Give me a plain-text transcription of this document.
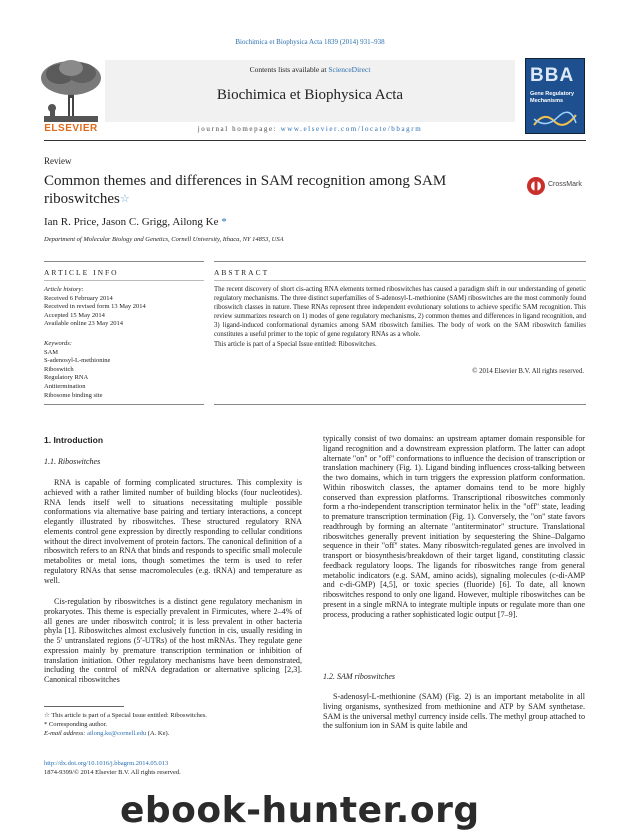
Biochimica et Biophysica Acta 1839 (2014) 931–938
ELSEVIER
Contents lists available at ScienceDirect
Biochimica et Biophysica Acta
journal homepage: www.elsevier.com/locate/bbagrm
BBA
Gene Regulatory Mechanisms
Review
Common themes and differences in SAM recognition among SAM riboswitches☆
CrossMark
Ian R. Price, Jason C. Grigg, Ailong Ke *
Department of Molecular Biology and Genetics, Cornell University, Ithaca, NY 14853, USA
ARTICLE INFO	ABSTRACT
Article history:
Received 6 February 2014
Received in revised form 13 May 2014
Accepted 15 May 2014
Available online 23 May 2014
Keywords:
SAM
S-adenosyl-L-methionine
Riboswitch
Regulatory RNA
Antitermination
Ribosome binding site
The recent discovery of short cis-acting RNA elements termed riboswitches has caused a paradigm shift in our understanding of genetic regulatory mechanisms. The three distinct superfamilies of S-adenosyl-L-methionine (SAM) riboswitches are the most commonly found riboswitch classes in nature. These RNAs represent three independent evolutionary solutions to achieve specific SAM recognition. This review summarizes research on 1) modes of gene regulatory mechanisms, 2) common themes and differences in ligand recognition, and 3) ligand-induced conformational dynamics among SAM riboswitch families. The body of work on the SAM riboswitch families constitutes a useful primer to the topic of gene regulatory RNAs as a whole.
This article is part of a Special Issue entitled: Riboswitches.
© 2014 Elsevier B.V. All rights reserved.
1. Introduction
1.1. Riboswitches
RNA is capable of forming complicated structures. This complexity is achieved with a rather limited number of building blocks (four nucleotides). RNA lends itself well to situations necessitating multiple possible conformations via alternative base pairing and tertiary interactions, a concept elegantly illustrated by riboswitches. These structured regulatory RNA elements control gene expression by directly responding to cellular conditions without the direct involvement of protein factors. The canonical definition of a riboswitch refers to an RNA that binds and responds to specific small molecule metabolites or metal ions, though sometimes the term is used to refer regulatory RNAs that sense macromolecules (e.g. tRNA) and temperature as well.
Cis-regulation by riboswitches is a distinct gene regulatory mechanism in prokaryotes. This theme is especially prevalent in Firmicutes, where 2–4% of all genes are under riboswitch control; it is less prevalent in other bacteria phyla [1]. Riboswitches almost exclusively function in cis, usually residing in the 5′ untranslated regions (5′-UTRs) of the host mRNAs. They regulate gene expression mainly by premature transcription termination or inhibition of translation initiation. Other regulatory mechanisms have been demonstrated, including the control of mRNA degradation or alternative splicing [2,3]. Canonical riboswitches
typically consist of two domains: an upstream aptamer domain responsible for ligand recognition and a downstream expression platform. The latter can adopt alternate "on" or "off" conformations to influence the decision of transcription or translation machinery (Fig. 1). Ligand binding influences cross-talking between the two domains, which in turn triggers the expression platform conformation. Within riboswitch classes, the aptamer domains tend to be more highly conserved than expression platforms. Transcriptional riboswitches commonly form a rho-independent transcription terminator helix in the "off" state, leading to premature transcription termination (Fig. 1). Conversely, the "on" state favors readthrough by forming an alternate "antiterminator" structure. Translational riboswitches generally prevent initiation by sequestering the Shine–Dalgarno sequence in their "off" states. Many riboswitch-regulated genes are involved in transport or biosynthesis/breakdown of their target ligand, constituting classic feedback regulatory loops. The ligands for riboswitches range from general metabolic indicators (e.g. SAM, amino acids), signaling molecules (c-di-AMP and c-di-GMP) [4,5], or toxic species (fluoride) [6]. To date, all known riboswitches respond to only one ligand. However, multiple riboswitches can be present in a single mRNA to integrate multiple inputs or regulate more than one process, producing a rather sophisticated logic output [7–9].
1.2. SAM riboswitches
S-adenosyl-L-methionine (SAM) (Fig. 2) is an important metabolite in all living organisms, synthesized from methionine and ATP by SAM synthetase. SAM is the universal methyl currency inside cells. The methyl group attached to the sulfonium ion in SAM is quite labile and
☆ This article is part of a Special Issue entitled: Riboswitches.
* Corresponding author.
E-mail address: ailong.ke@cornell.edu (A. Ke).
http://dx.doi.org/10.1016/j.bbagrm.2014.05.013
1874-9399/© 2014 Elsevier B.V. All rights reserved.
ebook-hunter.org
